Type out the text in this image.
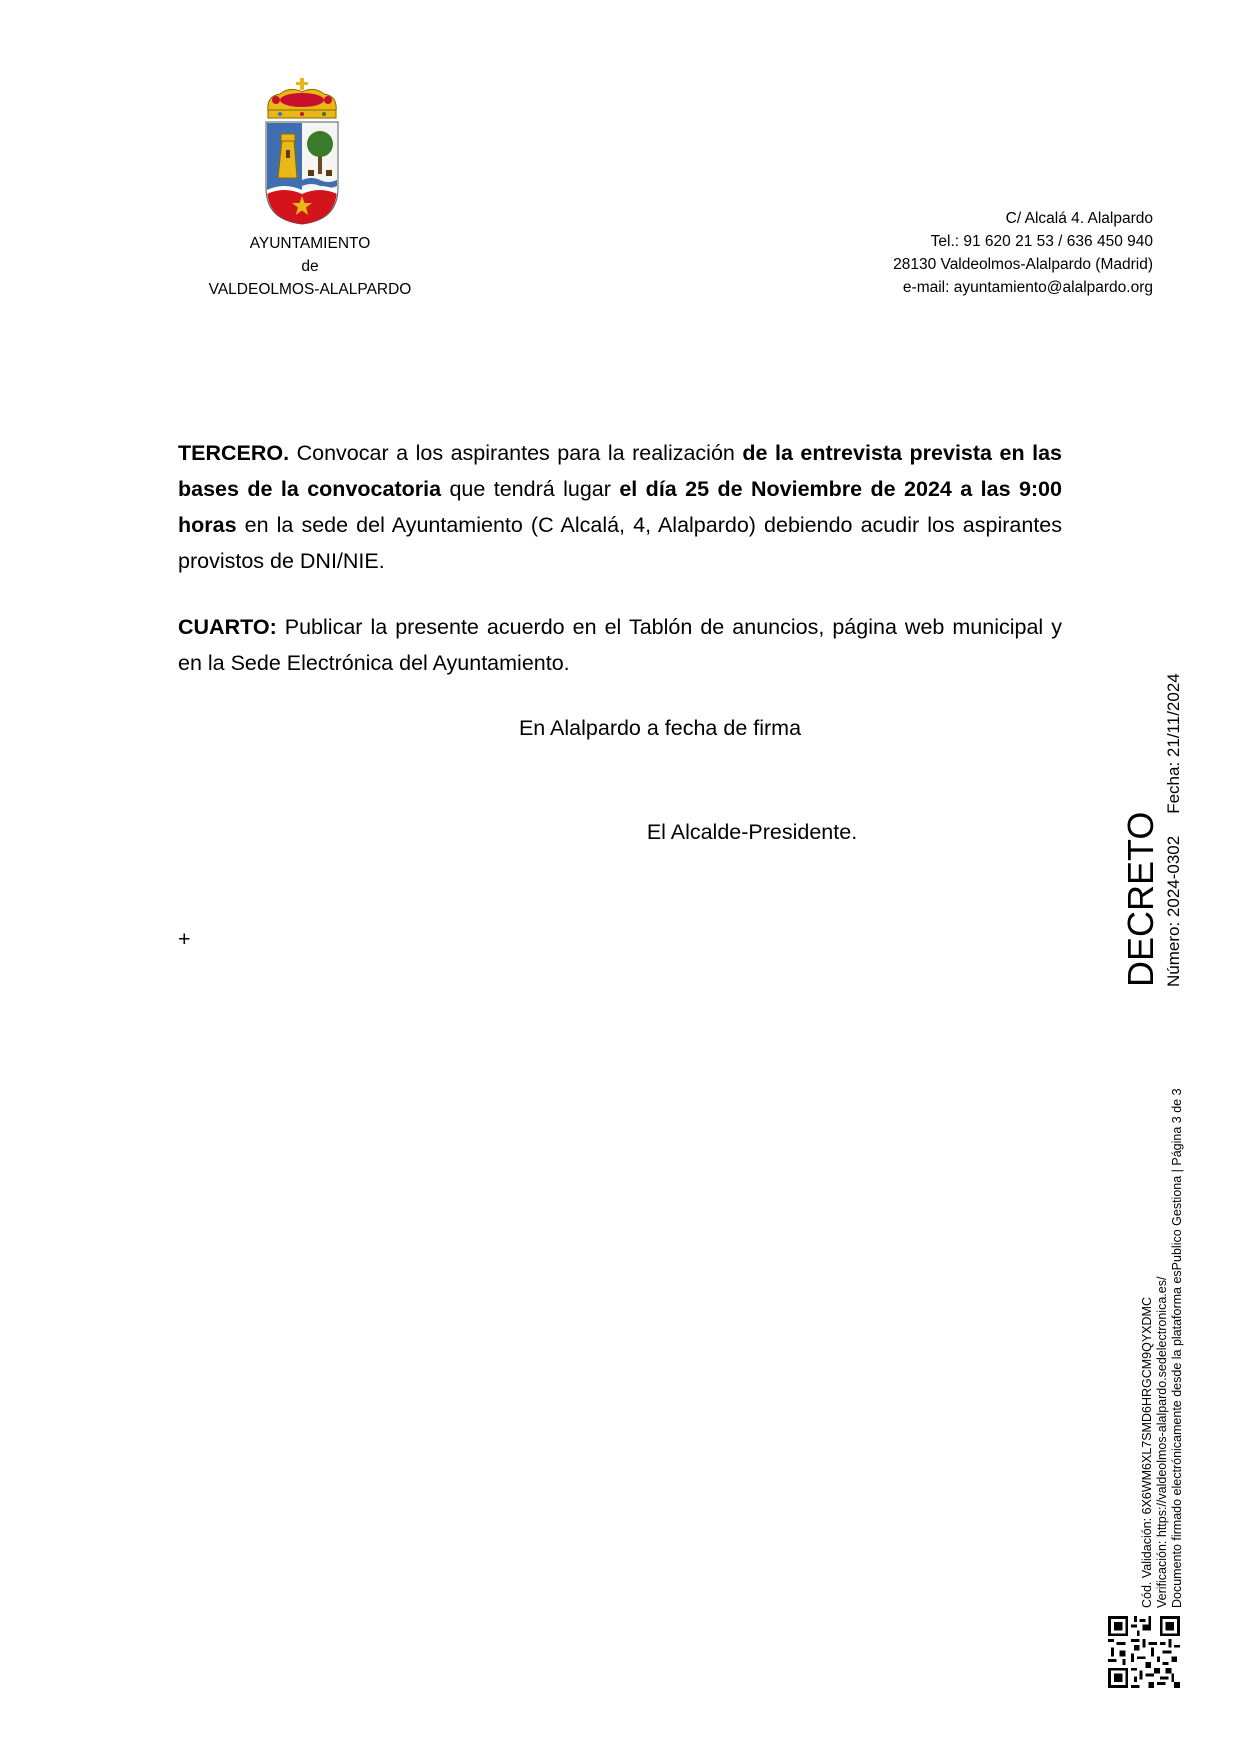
AYUNTAMIENTO
de
VALDEOLMOS-ALALPARDO
C/ Alcalá 4. Alalpardo
Tel.: 91 620 21 53 / 636 450 940
28130 Valdeolmos-Alalpardo (Madrid)
e-mail: ayuntamiento@alalpardo.org
TERCERO. Convocar a los aspirantes para la realización de la entrevista prevista en las bases de la convocatoria que tendrá lugar el día 25 de Noviembre de 2024 a las 9:00 horas en la sede del Ayuntamiento (C Alcalá, 4, Alalpardo) debiendo acudir los aspirantes provistos de DNI/NIE.
CUARTO: Publicar la presente acuerdo en el Tablón de anuncios, página web municipal y en la Sede Electrónica del Ayuntamiento.
En Alalpardo a fecha de firma
El Alcalde-Presidente.
+	DECRETO Número: 2024-0302Fecha: 21/11/2024
Cód. Validación: 6X6WM6XL7SMD6HRGCM9QYXDMC Verificación: https://valdeolmos-alalpardo.sedelectronica.es/ Documento firmado electrónicamente desde la plataforma esPublico Gestiona | Página 3 de 3
